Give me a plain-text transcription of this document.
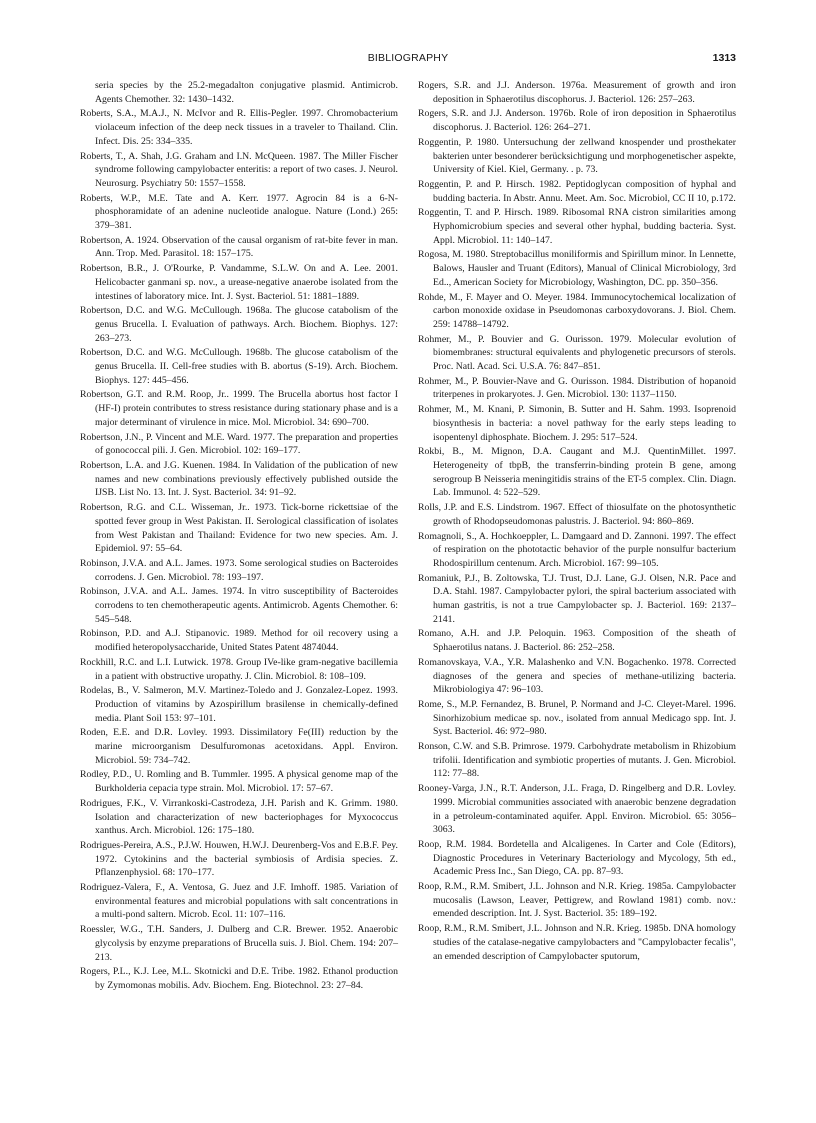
BIBLIOGRAPHY	1313

seria species by the 25.2-megadalton conjugative plasmid. Antimicrob. Agents Chemother. 32: 1430–1432.

Roberts, S.A., M.A.J., N. McIvor and R. Ellis-Pegler. 1997. Chromobacterium violaceum infection of the deep neck tissues in a traveler to Thailand. Clin. Infect. Dis. 25: 334–335.

Roberts, T., A. Shah, J.G. Graham and I.N. McQueen. 1987. The Miller Fischer syndrome following campylobacter enteritis: a report of two cases. J. Neurol. Neurosurg. Psychiatry 50: 1557–1558.

Roberts, W.P., M.E. Tate and A. Kerr. 1977. Agrocin 84 is a 6-N-phosphoramidate of an adenine nucleotide analogue. Nature (Lond.) 265: 379–381.

Robertson, A. 1924. Observation of the causal organism of rat-bite fever in man. Ann. Trop. Med. Parasitol. 18: 157–175.

Robertson, B.R., J. O'Rourke, P. Vandamme, S.L.W. On and A. Lee. 2001. Helicobacter ganmani sp. nov., a urease-negative anaerobe isolated from the intestines of laboratory mice. Int. J. Syst. Bacteriol. 51: 1881–1889.

Robertson, D.C. and W.G. McCullough. 1968a. The glucose catabolism of the genus Brucella. I. Evaluation of pathways. Arch. Biochem. Biophys. 127: 263–273.

Robertson, D.C. and W.G. McCullough. 1968b. The glucose catabolism of the genus Brucella. II. Cell-free studies with B. abortus (S-19). Arch. Biochem. Biophys. 127: 445–456.

Robertson, G.T. and R.M. Roop, Jr.. 1999. The Brucella abortus host factor I (HF-I) protein contributes to stress resistance during stationary phase and is a major determinant of virulence in mice. Mol. Microbiol. 34: 690–700.

Robertson, J.N., P. Vincent and M.E. Ward. 1977. The preparation and properties of gonococcal pili. J. Gen. Microbiol. 102: 169–177.

Robertson, L.A. and J.G. Kuenen. 1984. In Validation of the publication of new names and new combinations previously effectively published outside the IJSB. List No. 13. Int. J. Syst. Bacteriol. 34: 91–92.

Robertson, R.G. and C.L. Wisseman, Jr.. 1973. Tick-borne rickettsiae of the spotted fever group in West Pakistan. II. Serological classification of isolates from West Pakistan and Thailand: Evidence for two new species. Am. J. Epidemiol. 97: 55–64.

Robinson, J.V.A. and A.L. James. 1973. Some serological studies on Bacteroides corrodens. J. Gen. Microbiol. 78: 193–197.

Robinson, J.V.A. and A.L. James. 1974. In vitro susceptibility of Bacteroides corrodens to ten chemotherapeutic agents. Antimicrob. Agents Chemother. 6: 545–548.

Robinson, P.D. and A.J. Stipanovic. 1989. Method for oil recovery using a modified heteropolysaccharide, United States Patent 4874044.

Rockhill, R.C. and L.I. Lutwick. 1978. Group IVe-like gram-negative bacillemia in a patient with obstructive uropathy. J. Clin. Microbiol. 8: 108–109.

Rodelas, B., V. Salmeron, M.V. Martinez-Toledo and J. Gonzalez-Lopez. 1993. Production of vitamins by Azospirillum brasilense in chemically-defined media. Plant Soil 153: 97–101.

Roden, E.E. and D.R. Lovley. 1993. Dissimilatory Fe(III) reduction by the marine microorganism Desulfuromonas acetoxidans. Appl. Environ. Microbiol. 59: 734–742.

Rodley, P.D., U. Romling and B. Tummler. 1995. A physical genome map of the Burkholderia cepacia type strain. Mol. Microbiol. 17: 57–67.

Rodrigues, F.K., V. Virrankoski-Castrodeza, J.H. Parish and K. Grimm. 1980. Isolation and characterization of new bacteriophages for Myxococcus xanthus. Arch. Microbiol. 126: 175–180.

Rodrigues-Pereira, A.S., P.J.W. Houwen, H.W.J. Deurenberg-Vos and E.B.F. Pey. 1972. Cytokinins and the bacterial symbiosis of Ardisia species. Z. Pflanzenphysiol. 68: 170–177.

Rodriguez-Valera, F., A. Ventosa, G. Juez and J.F. Imhoff. 1985. Variation of environmental features and microbial populations with salt concentrations in a multi-pond saltern. Microb. Ecol. 11: 107–116.

Roessler, W.G., T.H. Sanders, J. Dulberg and C.R. Brewer. 1952. Anaerobic glycolysis by enzyme preparations of Brucella suis. J. Biol. Chem. 194: 207–213.

Rogers, P.L., K.J. Lee, M.L. Skotnicki and D.E. Tribe. 1982. Ethanol production by Zymomonas mobilis. Adv. Biochem. Eng. Biotechnol. 23: 27–84.

Rogers, S.R. and J.J. Anderson. 1976a. Measurement of growth and iron deposition in Sphaerotilus discophorus. J. Bacteriol. 126: 257–263.

Rogers, S.R. and J.J. Anderson. 1976b. Role of iron deposition in Sphaerotilus discophorus. J. Bacteriol. 126: 264–271.

Roggentin, P. 1980. Untersuchung der zellwand knospender und prosthekater bakterien unter besonderer berücksichtigung und morphogenetischer aspekte, University of Kiel. Kiel, Germany. . p. 73.

Roggentin, P. and P. Hirsch. 1982. Peptidoglycan composition of hyphal and budding bacteria. In Abstr. Annu. Meet. Am. Soc. Microbiol, CC II 10, p.172.

Roggentin, T. and P. Hirsch. 1989. Ribosomal RNA cistron similarities among Hyphomicrobium species and several other hyphal, budding bacteria. Syst. Appl. Microbiol. 11: 140–147.

Rogosa, M. 1980. Streptobacillus moniliformis and Spirillum minor. In Lennette, Balows, Hausler and Truant (Editors), Manual of Clinical Microbiology, 3rd Ed.., American Society for Microbiology, Washington, DC. pp. 350–356.

Rohde, M., F. Mayer and O. Meyer. 1984. Immunocytochemical localization of carbon monoxide oxidase in Pseudomonas carboxydovorans. J. Biol. Chem. 259: 14788–14792.

Rohmer, M., P. Bouvier and G. Ourisson. 1979. Molecular evolution of biomembranes: structural equivalents and phylogenetic precursors of sterols. Proc. Natl. Acad. Sci. U.S.A. 76: 847–851.

Rohmer, M., P. Bouvier-Nave and G. Ourisson. 1984. Distribution of hopanoid triterpenes in prokaryotes. J. Gen. Microbiol. 130: 1137–1150.

Rohmer, M., M. Knani, P. Simonin, B. Sutter and H. Sahm. 1993. Isoprenoid biosynthesis in bacteria: a novel pathway for the early steps leading to isopentenyl diphosphate. Biochem. J. 295: 517–524.

Rokbi, B., M. Mignon, D.A. Caugant and M.J. QuentinMillet. 1997. Heterogeneity of tbpB, the transferrin-binding protein B gene, among serogroup B Neisseria meningitidis strains of the ET-5 complex. Clin. Diagn. Lab. Immunol. 4: 522–529.

Rolls, J.P. and E.S. Lindstrom. 1967. Effect of thiosulfate on the photosynthetic growth of Rhodopseudomonas palustris. J. Bacteriol. 94: 860–869.

Romagnoli, S., A. Hochkoeppler, L. Damgaard and D. Zannoni. 1997. The effect of respiration on the phototactic behavior of the purple nonsulfur bacterium Rhodospirillum centenum. Arch. Microbiol. 167: 99–105.

Romaniuk, P.J., B. Zoltowska, T.J. Trust, D.J. Lane, G.J. Olsen, N.R. Pace and D.A. Stahl. 1987. Campylobacter pylori, the spiral bacterium associated with human gastritis, is not a true Campylobacter sp. J. Bacteriol. 169: 2137–2141.

Romano, A.H. and J.P. Peloquin. 1963. Composition of the sheath of Sphaerotilus natans. J. Bacteriol. 86: 252–258.

Romanovskaya, V.A., Y.R. Malashenko and V.N. Bogachenko. 1978. Corrected diagnoses of the genera and species of methane-utilizing bacteria. Mikrobiologiya 47: 96–103.

Rome, S., M.P. Fernandez, B. Brunel, P. Normand and J-C. Cleyet-Marel. 1996. Sinorhizobium medicae sp. nov., isolated from annual Medicago spp. Int. J. Syst. Bacteriol. 46: 972–980.

Ronson, C.W. and S.B. Primrose. 1979. Carbohydrate metabolism in Rhizobium trifolii. Identification and symbiotic properties of mutants. J. Gen. Microbiol. 112: 77–88.

Rooney-Varga, J.N., R.T. Anderson, J.L. Fraga, D. Ringelberg and D.R. Lovley. 1999. Microbial communities associated with anaerobic benzene degradation in a petroleum-contaminated aquifer. Appl. Environ. Microbiol. 65: 3056–3063.

Roop, R.M. 1984. Bordetella and Alcaligenes. In Carter and Cole (Editors), Diagnostic Procedures in Veterinary Bacteriology and Mycology, 5th ed., Academic Press Inc., San Diego, CA. pp. 87–93.

Roop, R.M., R.M. Smibert, J.L. Johnson and N.R. Krieg. 1985a. Campylobacter mucosalis (Lawson, Leaver, Pettigrew, and Rowland 1981) comb. nov.: emended description. Int. J. Syst. Bacteriol. 35: 189–192.

Roop, R.M., R.M. Smibert, J.L. Johnson and N.R. Krieg. 1985b. DNA homology studies of the catalase-negative campylobacters and "Campylobacter fecalis", an emended description of Campylobacter sputorum,
